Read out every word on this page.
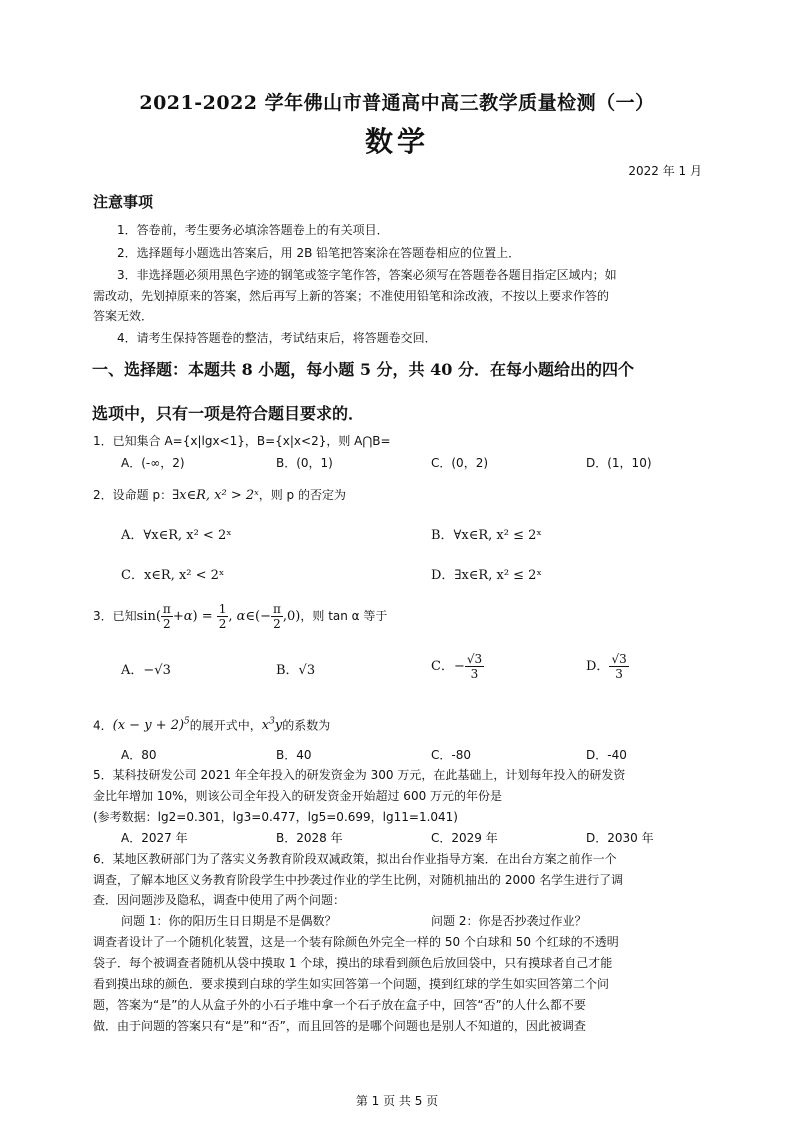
2021-2022 学年佛山市普通高中高三教学质量检测（一）
数学
2022 年 1 月
注意事项
1．答卷前，考生要务必填涂答题卷上的有关项目．
2．选择题每小题选出答案后，用 2B 铅笔把答案涂在答题卷相应的位置上．
3．非选择题必须用黑色字迹的钢笔或签字笔作答，答案必须写在答题卷各题目指定区域内；如
需改动，先划掉原来的答案，然后再写上新的答案；不准使用铅笔和涂改液，不按以上要求作答的
答案无效．
4．请考生保持答题卷的整洁，考试结束后，将答题卷交回．
一、选择题：本题共 8 小题，每小题 5 分，共 40 分．在每小题给出的四个
选项中，只有一项是符合题目要求的．
1．已知集合 A={x|lgx<1}，B={x|x<2}，则 A⋂B=
A．(-∞，2)	B．(0，1)	C．(0，2)	D．(1，10)
2．设命题 p：∃x∈R, x² > 2ˣ，则 p 的否定为
A．∀x∈R, x² < 2ˣ	B．∀x∈R, x² ≤ 2ˣ
C．x∈R, x² < 2ˣ	D．∃x∈R, x² ≤ 2ˣ
3．已知$\sin( \frac{\pi}{2} +\alpha) = \frac{1}{2}$ , α∈(− $\frac{\pi}{2} ,0$)，则 tan α 等于
A．−√3	B．√3	C．− $\frac{√3}{3}$	D． $\frac{√3}{3}$
4．$(x - y + 2)^5$的展开式中，$x^3y$的系数为
A．80	B．40	C．-80	D．-40
5．某科技研发公司 2021 年全年投入的研发资金为 300 万元，在此基础上，计划每年投入的研发资
金比年增加 10%，则该公司全年投入的研发资金开始超过 600 万元的年份是
(参考数据：lg2=0.301，lg3=0.477，lg5=0.699，lg11=1.041)
A．2027 年	B．2028 年	C．2029 年	D．2030 年
6．某地区教研部门为了落实义务教育阶段双减政策，拟出台作业指导方案．在出台方案之前作一个
调查，了解本地区义务教育阶段学生中抄袭过作业的学生比例，对随机抽出的 2000 名学生进行了调
查．因问题涉及隐私，调查中使用了两个问题：
问题 1：你的阳历生日日期是不是偶数？	问题 2：你是否抄袭过作业？
调查者设计了一个随机化装置，这是一个装有除颜色外完全一样的 50 个白球和 50 个红球的不透明
袋子．每个被调查者随机从袋中摸取 1 个球，摸出的球看到颜色后放回袋中，只有摸球者自己才能
看到摸出球的颜色．要求摸到白球的学生如实回答第一个问题，摸到红球的学生如实回答第二个问
题，答案为“是”的人从盒子外的小石子堆中拿一个石子放在盒子中，回答“否”的人什么都不要
做．由于问题的答案只有“是”和“否”，而且回答的是哪个问题也是别人不知道的，因此被调查
第 1 页 共 5 页
